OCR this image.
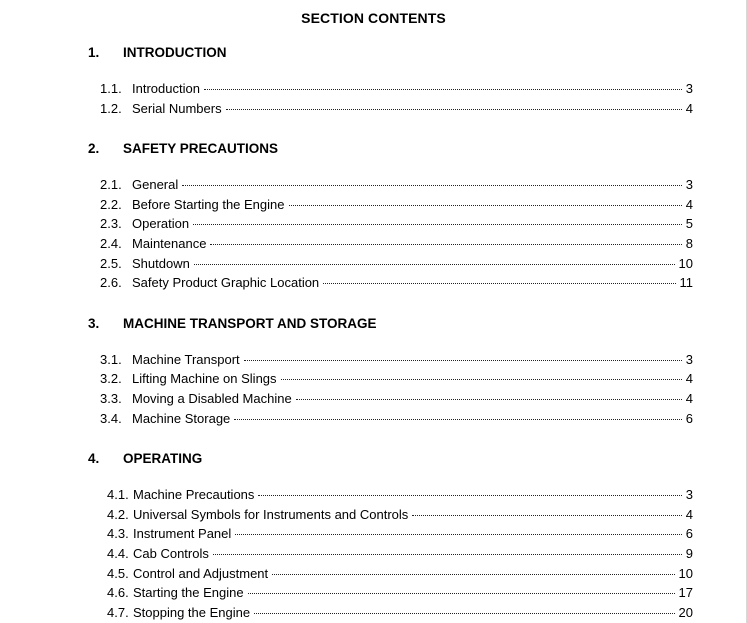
SECTION CONTENTS
1. INTRODUCTION
1.1. Introduction	3
1.2. Serial Numbers	4
2. SAFETY PRECAUTIONS
2.1. General	3
2.2. Before Starting the Engine	4
2.3. Operation	5
2.4. Maintenance	8
2.5. Shutdown	10
2.6. Safety Product Graphic Location	11
3. MACHINE TRANSPORT AND STORAGE
3.1. Machine Transport	3
3.2. Lifting Machine on Slings	4
3.3. Moving a Disabled Machine	4
3.4. Machine Storage	6
4. OPERATING
4.1. Machine Precautions	3
4.2. Universal Symbols for Instruments and Controls	4
4.3. Instrument Panel	6
4.4. Cab Controls	9
4.5. Control and Adjustment	10
4.6. Starting the Engine	17
4.7. Stopping the Engine	20
